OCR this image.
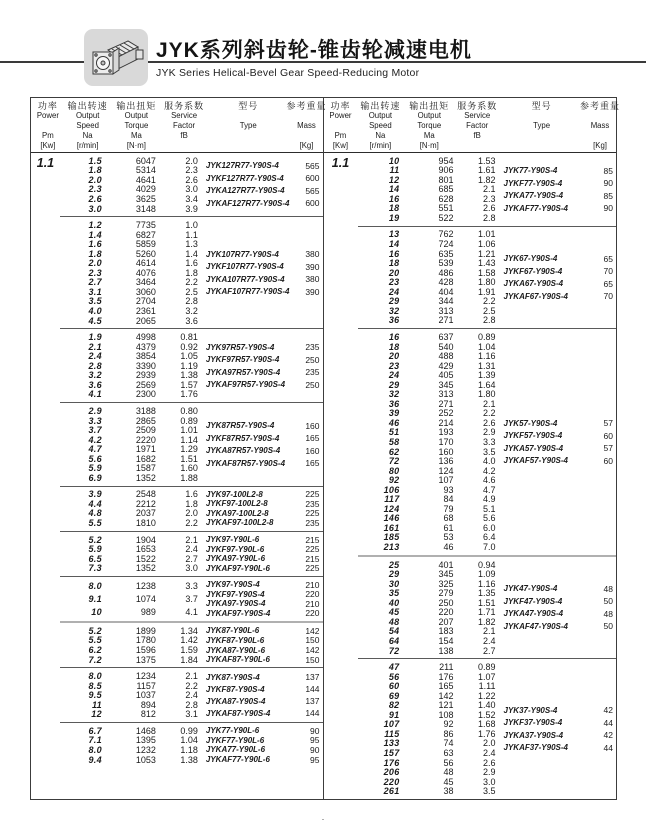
JYK系列斜齿轮-锥齿轮减速电机
JYK Series Helical-Bevel Gear Speed-Reducing Motor
功率
Power
Pm
[Kw]
输出转速
Output
Speed
Na
[r/min]
输出扭矩
Output
Torque
Ma
[N·m]
服务系数
Service
Factor
fB
型号
Type
参考重量
Mass
[Kg]
1.1	1.5	6047	2.0
1.8	5314	2.3
2.0	4641	2.6
2.3	4029	3.0
2.6	3625	3.4
3.0	3148	3.9
JYK127R77-Y90S-4	565
JYKF127R77-Y90S-4	600
JYKA127R77-Y90S-4	565
JYKAF127R77-Y90S-4	600
1.2	7735	1.0
1.4	6827	1.1
1.6	5859	1.3
1.8	5260	1.4
2.0	4614	1.6
2.3	4076	1.8
2.7	3464	2.2
3.1	3060	2.5
3.5	2704	2.8
4.0	2361	3.2
4.5	2065	3.6
JYK107R77-Y90S-4	380
JYKF107R77-Y90S-4	390
JYKA107R77-Y90S-4	380
JYKAF107R77-Y90S-4	390
1.9	4998	0.81
2.1	4379	0.92
2.4	3854	1.05
2.8	3390	1.19
3.2	2939	1.38
3.6	2569	1.57
4.1	2300	1.76
JYK97R57-Y90S-4	235
JYKF97R57-Y90S-4	250
JYKA97R57-Y90S-4	235
JYKAF97R57-Y90S-4	250
2.9	3188	0.80
3.3	2865	0.89
3.7	2509	1.01
4.2	2220	1.14
4.7	1971	1.29
5.6	1682	1.51
5.9	1587	1.60
6.9	1352	1.88
JYK87R57-Y90S-4	160
JYKF87R57-Y90S-4	165
JYKA87R57-Y90S-4	160
JYKAF87R57-Y90S-4	165
3.9	2548	1.6
4.4	2212	1.8
4.8	2037	2.0
5.5	1810	2.2
JYK97-100L2-8	225
JYKF97-100L2-8	235
JYKA97-100L2-8	225
JYKAF97-100L2-8	235
5.2	1904	2.1
5.9	1653	2.4
6.5	1522	2.7
7.3	1352	3.0
JYK97-Y90L-6	215
JYKF97-Y90L-6	225
JYKA97-Y90L-6	215
JYKAF97-Y90L-6	225
8.0	1238	3.3
9.1	1074	3.7
10	989	4.1
JYK97-Y90S-4	210
JYKF97-Y90S-4	220
JYKA97-Y90S-4	210
JYKAF97-Y90S-4	220
5.2	1899	1.34
5.5	1780	1.42
6.2	1596	1.59
7.2	1375	1.84
JYK87-Y90L-6	142
JYKF87-Y90L-6	150
JYKA87-Y90L-6	142
JYKAF87-Y90L-6	150
8.0	1234	2.1
8.5	1157	2.2
9.5	1037	2.4
11	894	2.8
12	812	3.1
JYK87-Y90S-4	137
JYKF87-Y90S-4	144
JYKA87-Y90S-4	137
JYKAF87-Y90S-4	144
6.7	1468	0.99
7.1	1395	1.04
8.0	1232	1.18
9.4	1053	1.38
JYK77-Y90L-6	90
JYKF77-Y90L-6	95
JYKA77-Y90L-6	90
JYKAF77-Y90L-6	95
功率
Power
Pm
[Kw]
输出转速
Output
Speed
Na
[r/min]
输出扭矩
Output
Torque
Ma
[N·m]
服务系数
Service
Factor
fB
型号
Type
参考重量
Mass
[Kg]
1.1	10	954	1.53
11	906	1.61
12	801	1.82
14	685	2.1
16	628	2.3
18	551	2.6
19	522	2.8
JYK77-Y90S-4	85
JYKF77-Y90S-4	90
JYKA77-Y90S-4	85
JYKAF77-Y90S-4	90
13	762	1.01
14	724	1.06
16	635	1.21
18	539	1.43
20	486	1.58
23	428	1.80
24	404	1.91
29	344	2.2
32	313	2.5
36	271	2.8
JYK67-Y90S-4	65
JYKF67-Y90S-4	70
JYKA67-Y90S-4	65
JYKAF67-Y90S-4	70
16	637	0.89
18	540	1.04
20	488	1.16
23	429	1.31
24	405	1.39
29	345	1.64
32	313	1.80
36	271	2.1
39	252	2.2
46	214	2.6
51	193	2.9
58	170	3.3
62	160	3.5
72	136	4.0
80	124	4.2
92	107	4.6
106	93	4.7
117	84	4.9
124	79	5.1
146	68	5.6
161	61	6.0
185	53	6.4
213	46	7.0
JYK57-Y90S-4	57
JYKF57-Y90S-4	60
JYKA57-Y90S-4	57
JYKAF57-Y90S-4	60
25	401	0.94
29	345	1.09
30	325	1.16
35	279	1.35
40	250	1.51
45	220	1.71
48	207	1.82
54	183	2.1
64	154	2.4
72	138	2.7
JYK47-Y90S-4	48
JYKF47-Y90S-4	50
JYKA47-Y90S-4	48
JYKAF47-Y90S-4	50
47	211	0.89
56	176	1.07
60	165	1.11
69	142	1.22
82	121	1.40
91	108	1.52
107	92	1.68
115	86	1.76
133	74	2.0
157	63	2.4
176	56	2.6
206	48	2.9
220	45	3.0
261	38	3.5
JYK37-Y90S-4	42
JYKF37-Y90S-4	44
JYKA37-Y90S-4	42
JYKAF37-Y90S-4	44
.
